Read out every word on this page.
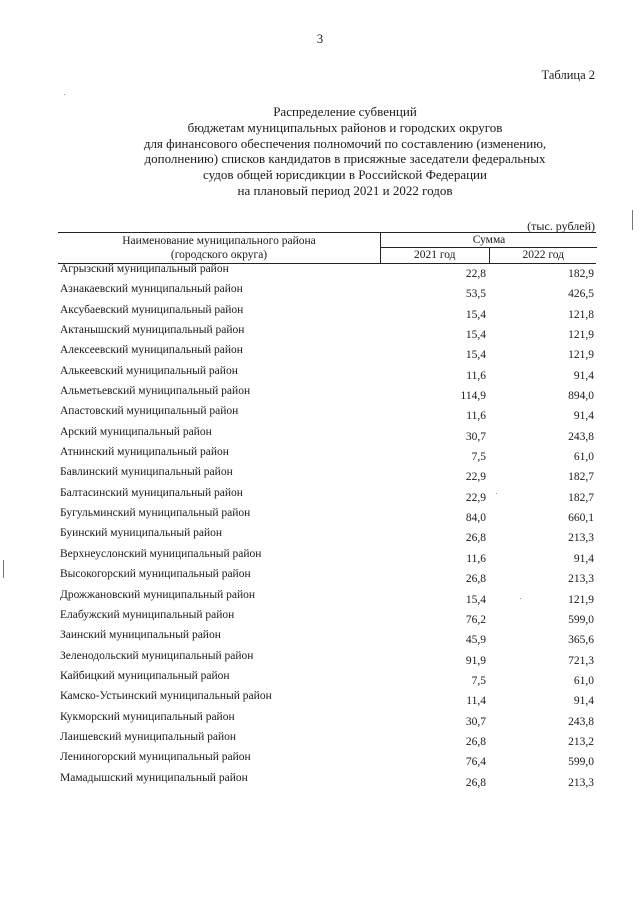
3
Таблица 2
Распределение субвенций
бюджетам муниципальных районов и городских округов
для финансового обеспечения полномочий по составлению (изменению,
дополнению) списков кандидатов в присяжные заседатели федеральных
судов общей юрисдикции в Российской Федерации
на плановый период 2021 и 2022 годов
(тыс. рублей)
Наименование муниципального района
(городского округа)
Сумма
2021 год	2022 год
Агрызский муниципальный район	22,8	182,9
Азнакаевский муниципальный район	53,5	426,5
Аксубаевский муниципальный район	15,4	121,8
Актанышский муниципальный район	15,4	121,9
Алексеевский муниципальный район	15,4	121,9
Алькеевский муниципальный район	11,6	91,4
Альметьевский муниципальный район	114,9	894,0
Апастовский муниципальный район	11,6	91,4
Арский муниципальный район	30,7	243,8
Атнинский муниципальный район	7,5	61,0
Бавлинский муниципальный район	22,9	182,7
Балтасинский муниципальный район	22,9	182,7
Бугульминский муниципальный район	84,0	660,1
Буинский муниципальный район	26,8	213,3
Верхнеуслонский муниципальный район	11,6	91,4
Высокогорский муниципальный район	26,8	213,3
Дрожжановский муниципальный район	15,4	121,9
Елабужский муниципальный район	76,2	599,0
Заинский муниципальный район	45,9	365,6
Зеленодольский муниципальный район	91,9	721,3
Кайбицкий муниципальный район	7,5	61,0
Камско-Устьинский муниципальный район	11,4	91,4
Кукморский муниципальный район	30,7	243,8
Лаишевский муниципальный район	26,8	213,2
Лениногорский муниципальный район	76,4	599,0
Мамадышский муниципальный район	26,8	213,3
